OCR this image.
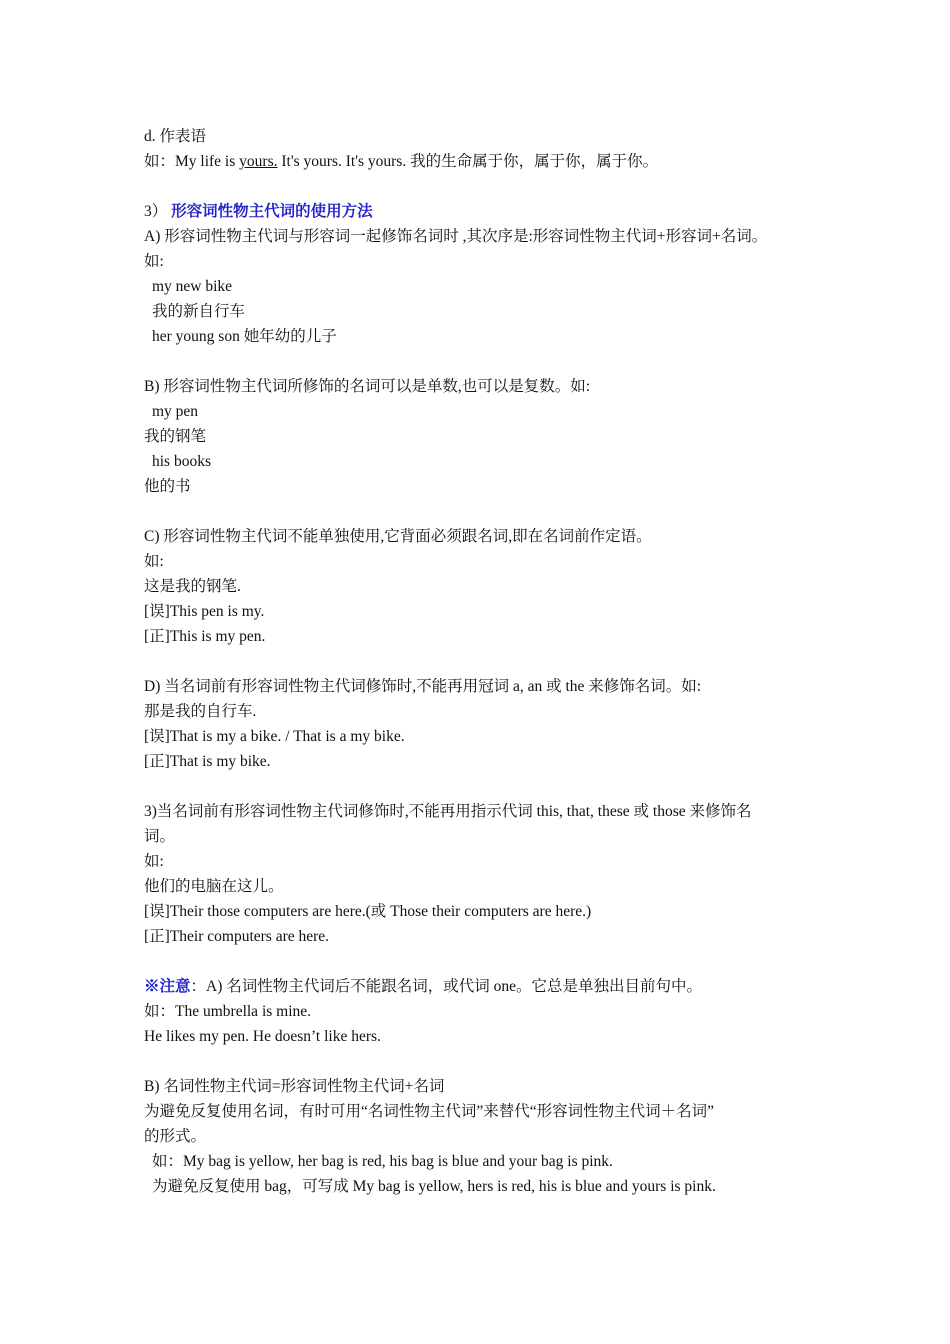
d. 作表语
如：My life is yours. It's yours. It's yours. 我的生命属于你，属于你，属于你。
3） 形容词性物主代词的使用方法
A) 形容词性物主代词与形容词一起修饰名词时 ,其次序是:形容词性物主代词+形容词+名词。
如:
my new bike
我的新自行车
her young son 她年幼的儿子
B) 形容词性物主代词所修饰的名词可以是单数,也可以是复数。如:
my pen
我的钢笔
his books
他的书
C) 形容词性物主代词不能单独使用,它背面必须跟名词,即在名词前作定语。
如:
这是我的钢笔.
[误]This pen is my.
[正]This is my pen.
D) 当名词前有形容词性物主代词修饰时,不能再用冠词 a, an 或 the 来修饰名词。如:
那是我的自行车.
[误]That is my a bike. / That is a my bike.
[正]That is my bike.
3)当名词前有形容词性物主代词修饰时,不能再用指示代词 this, that, these 或 those 来修饰名
词。
如:
他们的电脑在这儿。
[误]Their those computers are here.(或 Those their computers are here.)
[正]Their computers are here.
※注意：A) 名词性物主代词后不能跟名词，或代词 one。它总是单独出目前句中。
如：The umbrella is mine.
He likes my pen. He doesn’t like hers.
B) 名词性物主代词=形容词性物主代词+名词
为避免反复使用名词，有时可用“名词性物主代词”来替代“形容词性物主代词＋名词”
的形式。
如：My bag is yellow, her bag is red, his bag is blue and your bag is pink.
为避免反复使用 bag，可写成 My bag is yellow, hers is red, his is blue and yours is pink.
